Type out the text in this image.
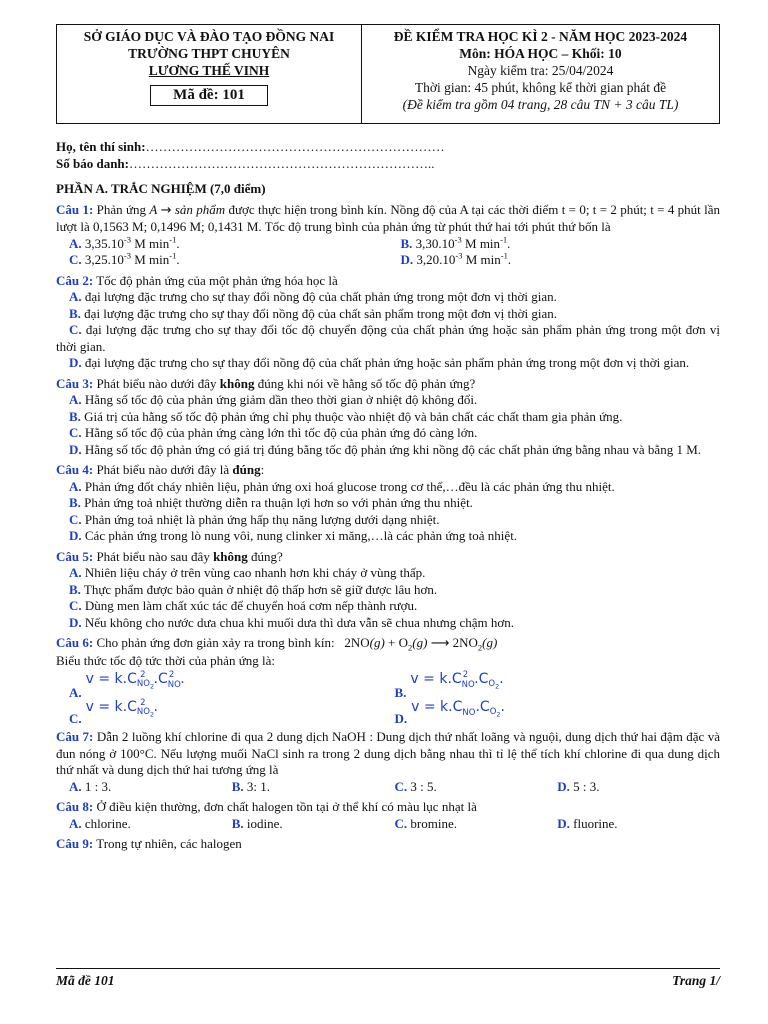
SỞ GIÁO DỤC VÀ ĐÀO TẠO ĐỒNG NAI
TRƯỜNG THPT CHUYÊN
LƯƠNG THẾ VINH
Mã đề: 101
ĐỀ KIỂM TRA HỌC KÌ 2 - NĂM HỌC 2023-2024
Môn: HÓA HỌC – Khối: 10
Ngày kiểm tra: 25/04/2024
Thời gian: 45 phút, không kể thời gian phát đề
(Đề kiểm tra gồm 04 trang, 28 câu TN + 3 câu TL)
Họ, tên thí sinh:……………………………………………………………
Số báo danh:……………………………………………………………..
PHẦN A. TRẮC NGHIỆM (7,0 điểm)
Câu 1: Phản ứng A → sản phẩm được thực hiện trong bình kín. Nồng độ của A tại các thời điểm t = 0; t = 2 phút; t = 4 phút lần lượt là 0,1563 M; 0,1496 M; 0,1431 M. Tốc độ trung bình của phản ứng từ phút thứ hai tới phút thứ bốn là
A. $3,35.10^{-3}$ M $\min^{-1}$.	B. $3,30.10^{-3}$ M $\min^{-1}$.
C. $3,25.10^{-3}$ M $\min^{-1}$.	D. $3,20.10^{-3}$ M $\min^{-1}$.
Câu 2: Tốc độ phản ứng của một phản ứng hóa học là
A. đại lượng đặc trưng cho sự thay đổi nồng độ của chất phản ứng trong một đơn vị thời gian.
B. đại lượng đặc trưng cho sự thay đổi nồng độ của chất sản phẩm trong một đơn vị thời gian.
C. đại lượng đặc trưng cho sự thay đổi tốc độ chuyển động của chất phản ứng hoặc sản phẩm phản ứng trong một đơn vị thời gian.
D. đại lượng đặc trưng cho sự thay đổi nồng độ của chất phản ứng hoặc sản phẩm phản ứng trong một đơn vị thời gian.
Câu 3: Phát biểu nào dưới đây không đúng khi nói về hằng số tốc độ phản ứng?
A. Hằng số tốc độ của phản ứng giảm dần theo thời gian ở nhiệt độ không đổi.
B. Giá trị của hằng số tốc độ phản ứng chỉ phụ thuộc vào nhiệt độ và bản chất các chất tham gia phản ứng.
C. Hằng số tốc độ của phản ứng càng lớn thì tốc độ của phản ứng đó càng lớn.
D. Hằng số tốc độ phản ứng có giá trị đúng bằng tốc độ phản ứng khi nồng độ các chất phản ứng bằng nhau và bằng 1 M.
Câu 4: Phát biểu nào dưới đây là đúng:
A. Phản ứng đốt cháy nhiên liệu, phản ứng oxi hoá glucose trong cơ thể,…đều là các phản ứng thu nhiệt.
B. Phản ứng toả nhiệt thường diễn ra thuận lợi hơn so với phản ứng thu nhiệt.
C. Phản ứng toả nhiệt là phản ứng hấp thụ năng lượng dưới dạng nhiệt.
D. Các phản ứng trong lò nung vôi, nung clinker xi măng,…là các phản ứng toả nhiệt.
Câu 5: Phát biểu nào sau đây không đúng?
A. Nhiên liệu cháy ở trên vùng cao nhanh hơn khi cháy ở vùng thấp.
B. Thực phẩm được bảo quản ở nhiệt độ thấp hơn sẽ giữ được lâu hơn.
C. Dùng men làm chất xúc tác để chuyển hoá cơm nếp thành rượu.
D. Nếu không cho nước dưa chua khi muối dưa thì dưa vẫn sẽ chua nhưng chậm hơn.
Câu 6: Cho phản ứng đơn giản xảy ra trong bình kín: $2NO(g) + O_2(g)$ ⟶ $2NO_2(g)$
Biểu thức tốc độ tức thời của phản ứng là:
$A.v = k.C_{NO_2}^2$ $.C_{NO}^2$ .
$B.v = k.C_{NO}^2$ $.C_{O_2}$.
$C.v = k.C_{NO_2}^2$ .
$D.v = k.C_{NO}.C_{O_2}$.
Câu 7: Dẫn 2 luồng khí chlorine đi qua 2 dung dịch NaOH : Dung dịch thứ nhất loãng và nguội, dung dịch thứ hai đậm đặc và đun nóng ở 100°C. Nếu lượng muối NaCl sinh ra trong 2 dung dịch bằng nhau thì tỉ lệ thể tích khí chlorine đi qua dung dịch thứ nhất và dung dịch thứ hai tương ứng là
A. 1 : 3.	B. 3: 1.	C. 3 : 5.	D. 5 : 3.
Câu 8: Ở điều kiện thường, đơn chất halogen tồn tại ở thể khí có màu lục nhạt là
A. chlorine.	B. iodine.	C. bromine.	D. fluorine.
Câu 9: Trong tự nhiên, các halogen
Mã đề 101	Trang 1/
